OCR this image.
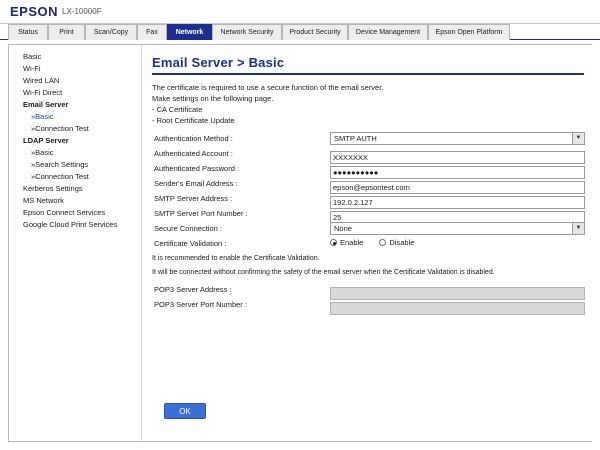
EPSON LX-10000F
Status	Print	Scan/Copy	Fax	Network	Network Security	Product Security	Device Management	Epson Open Platform
Basic
Wi-Fi
Wired LAN
Wi-Fi Direct
Email Server
»Basic
»Connection Test
LDAP Server
»Basic
»Search Settings
»Connection Test
Kerberos Settings
MS Network
Epson Connect Services
Google Cloud Print Services
Email Server > Basic
The certificate is required to use a secure function of the email server.
Make settings on the following page.
- CA Certificate
- Root Certificate Update
Authentication Method :	SMTP AUTH	▼
Authenticated Account :
XXXXXXX
Authenticated Password :
●●●●●●●●●●
Sender's Email Address :
epson@epsontest.com
SMTP Server Address :
192.0.2.127
SMTP Server Port Number :
25
Secure Connection :	None	▼
Certificate Validation :	Enable	Disable
It is recommended to enable the Certificate Validation.
It will be connected without confirming the safety of the email server when the Certificate Validation is disabled.
POP3 Server Address :
POP3 Server Port Number :
OK
